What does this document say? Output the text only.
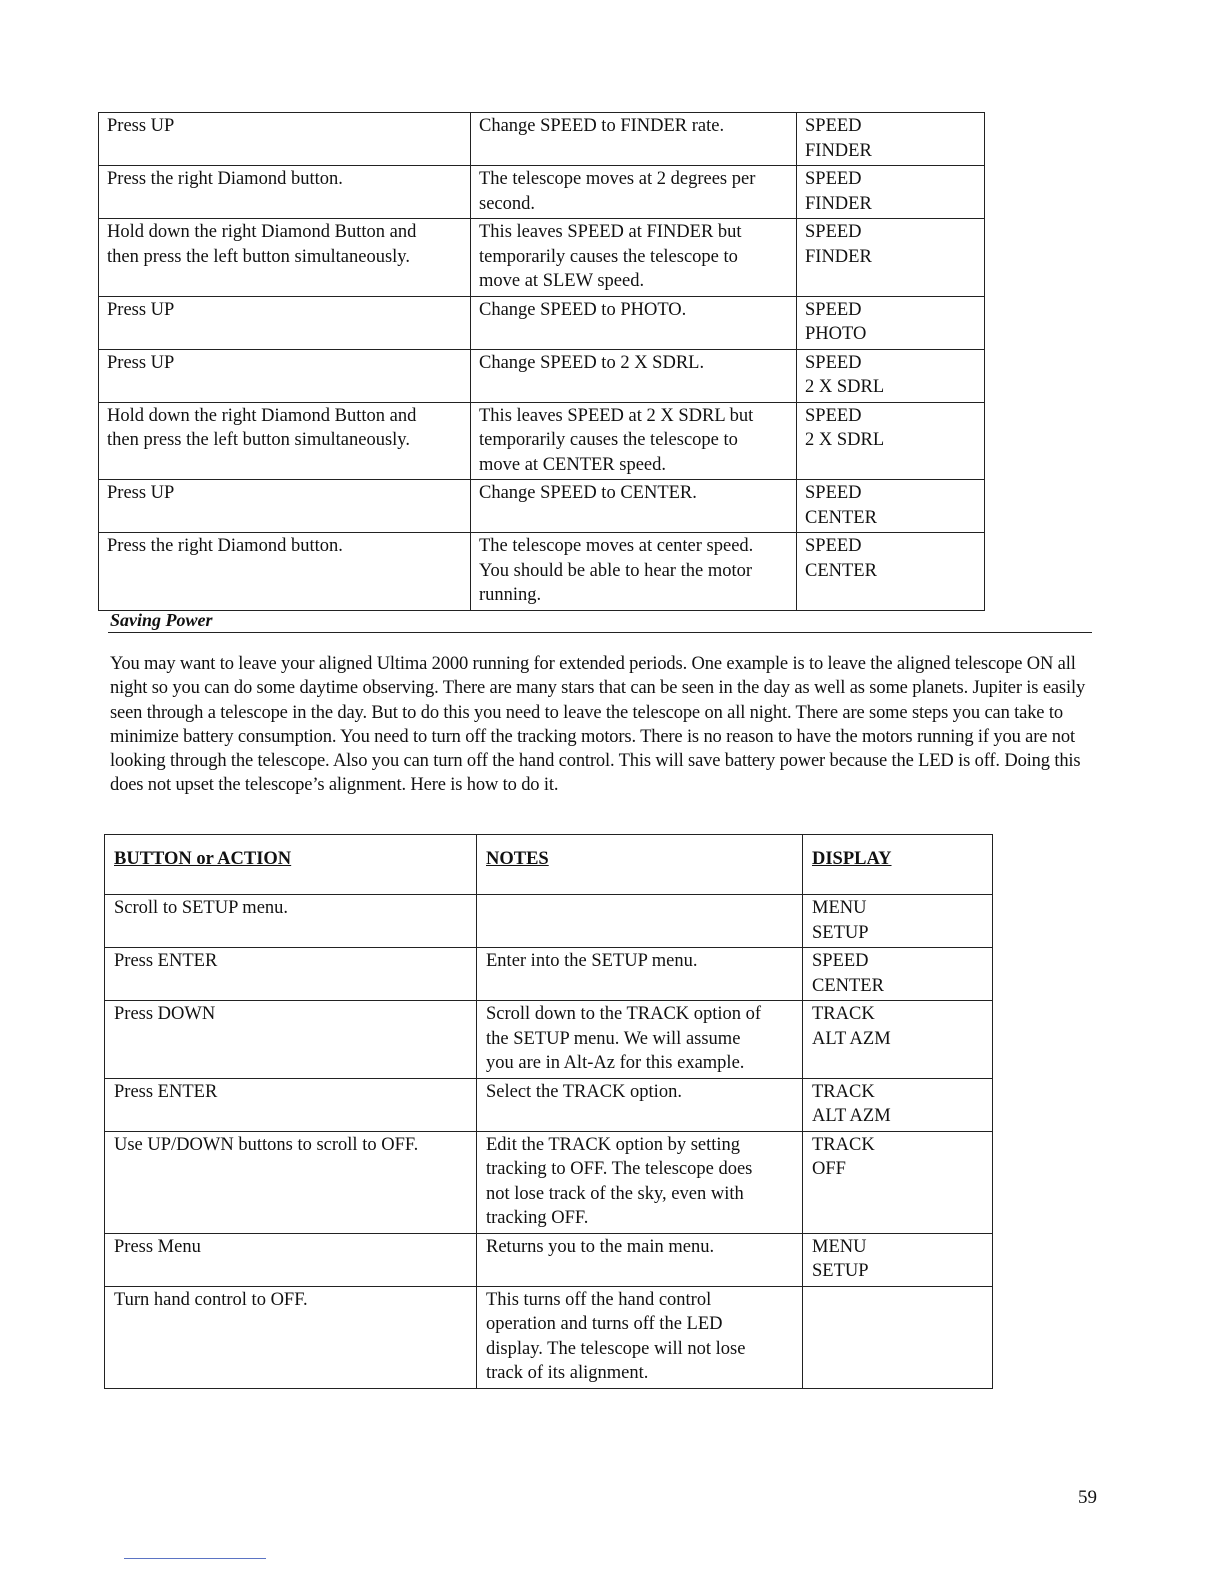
Press UP	Change SPEED to FINDER rate.	SPEED
FINDER
Press the right Diamond button.	The telescope moves at 2 degrees per
second.	SPEED
FINDER
Hold down the right Diamond Button and
then press the left button simultaneously.	This leaves SPEED at FINDER but
temporarily causes the telescope to
move at SLEW speed.	SPEED
FINDER
Press UP	Change SPEED to PHOTO.	SPEED
PHOTO
Press UP	Change SPEED to 2 X SDRL.	SPEED
2 X SDRL
Hold down the right Diamond Button and
then press the left button simultaneously.	This leaves SPEED at 2 X SDRL but
temporarily causes the telescope to
move at CENTER speed.	SPEED
2 X SDRL
Press UP	Change SPEED to CENTER.	SPEED
CENTER
Press the right Diamond button.	The telescope moves at center speed.
You should be able to hear the motor
running.	SPEED
CENTER
Saving Power
You may want to leave your aligned Ultima 2000 running for extended periods. One example is to leave the aligned telescope ON all night so you can do some daytime observing. There are many stars that can be seen in the day as well as some planets. Jupiter is easily seen through a telescope in the day. But to do this you need to leave the telescope on all night. There are some steps you can take to minimize battery consumption. You need to turn off the tracking motors. There is no reason to have the motors running if you are not looking through the telescope. Also you can turn off the hand control. This will save battery power because the LED is off. Doing this does not upset the telescope’s alignment. Here is how to do it.
BUTTON or ACTION	NOTES	DISPLAY
Scroll to SETUP menu.		MENU
SETUP
Press ENTER	Enter into the SETUP menu.	SPEED
CENTER
Press DOWN	Scroll down to the TRACK option of
the SETUP menu. We will assume
you are in Alt-Az for this example.	TRACK
ALT AZM
Press ENTER	Select the TRACK option.	TRACK
ALT AZM
Use UP/DOWN buttons to scroll to OFF.	Edit the TRACK option by setting
tracking to OFF. The telescope does
not lose track of the sky, even with
tracking OFF.	TRACK
OFF
Press Menu	Returns you to the main menu.	MENU
SETUP
Turn hand control to OFF.	This turns off the hand control
operation and turns off the LED
display. The telescope will not lose
track of its alignment.	
59
